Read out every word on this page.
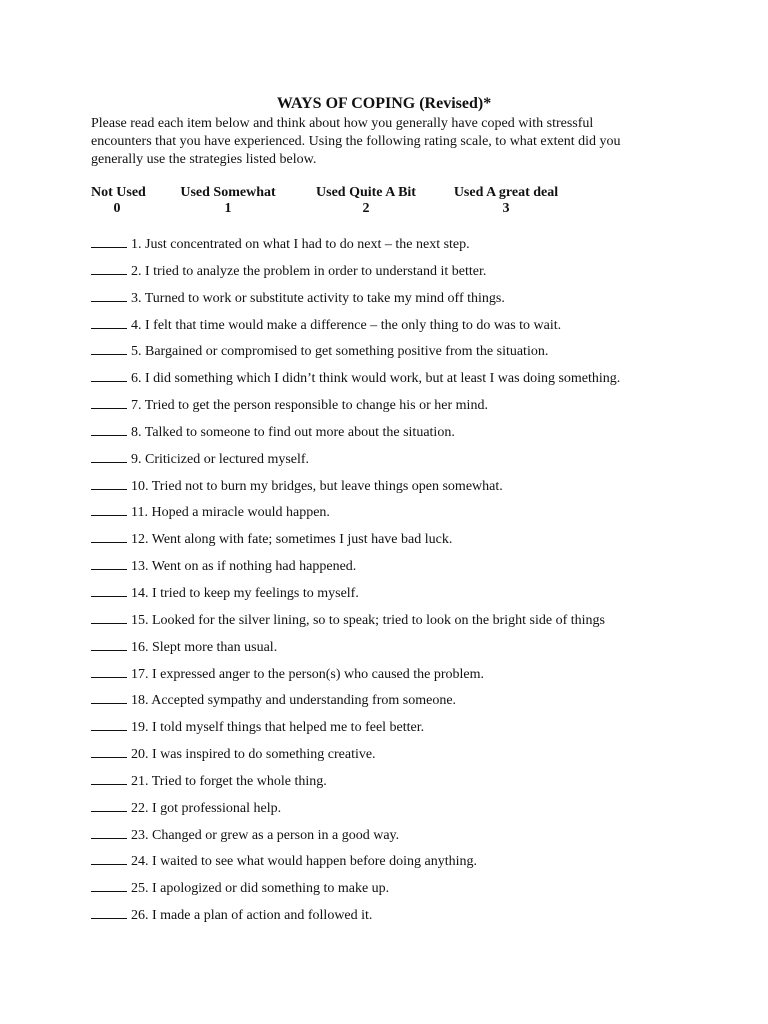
WAYS OF COPING (Revised)*
Please read each item below and think about how you generally have coped with stressful
encounters that you have experienced. Using the following rating scale, to what extent did you
generally use the strategies listed below.
Not Used
0
Used Somewhat
1
Used Quite A Bit
2
Used A great deal
3
1. Just concentrated on what I had to do next – the next step.
2. I tried to analyze the problem in order to understand it better.
3. Turned to work or substitute activity to take my mind off things.
4. I felt that time would make a difference – the only thing to do was to wait.
5. Bargained or compromised to get something positive from the situation.
6. I did something which I didn’t think would work, but at least I was doing something.
7. Tried to get the person responsible to change his or her mind.
8. Talked to someone to find out more about the situation.
9. Criticized or lectured myself.
10. Tried not to burn my bridges, but leave things open somewhat.
11. Hoped a miracle would happen.
12. Went along with fate; sometimes I just have bad luck.
13. Went on as if nothing had happened.
14. I tried to keep my feelings to myself.
15. Looked for the silver lining, so to speak; tried to look on the bright side of things
16. Slept more than usual.
17. I expressed anger to the person(s) who caused the problem.
18. Accepted sympathy and understanding from someone.
19. I told myself things that helped me to feel better.
20. I was inspired to do something creative.
21. Tried to forget the whole thing.
22. I got professional help.
23. Changed or grew as a person in a good way.
24. I waited to see what would happen before doing anything.
25. I apologized or did something to make up.
26. I made a plan of action and followed it.
